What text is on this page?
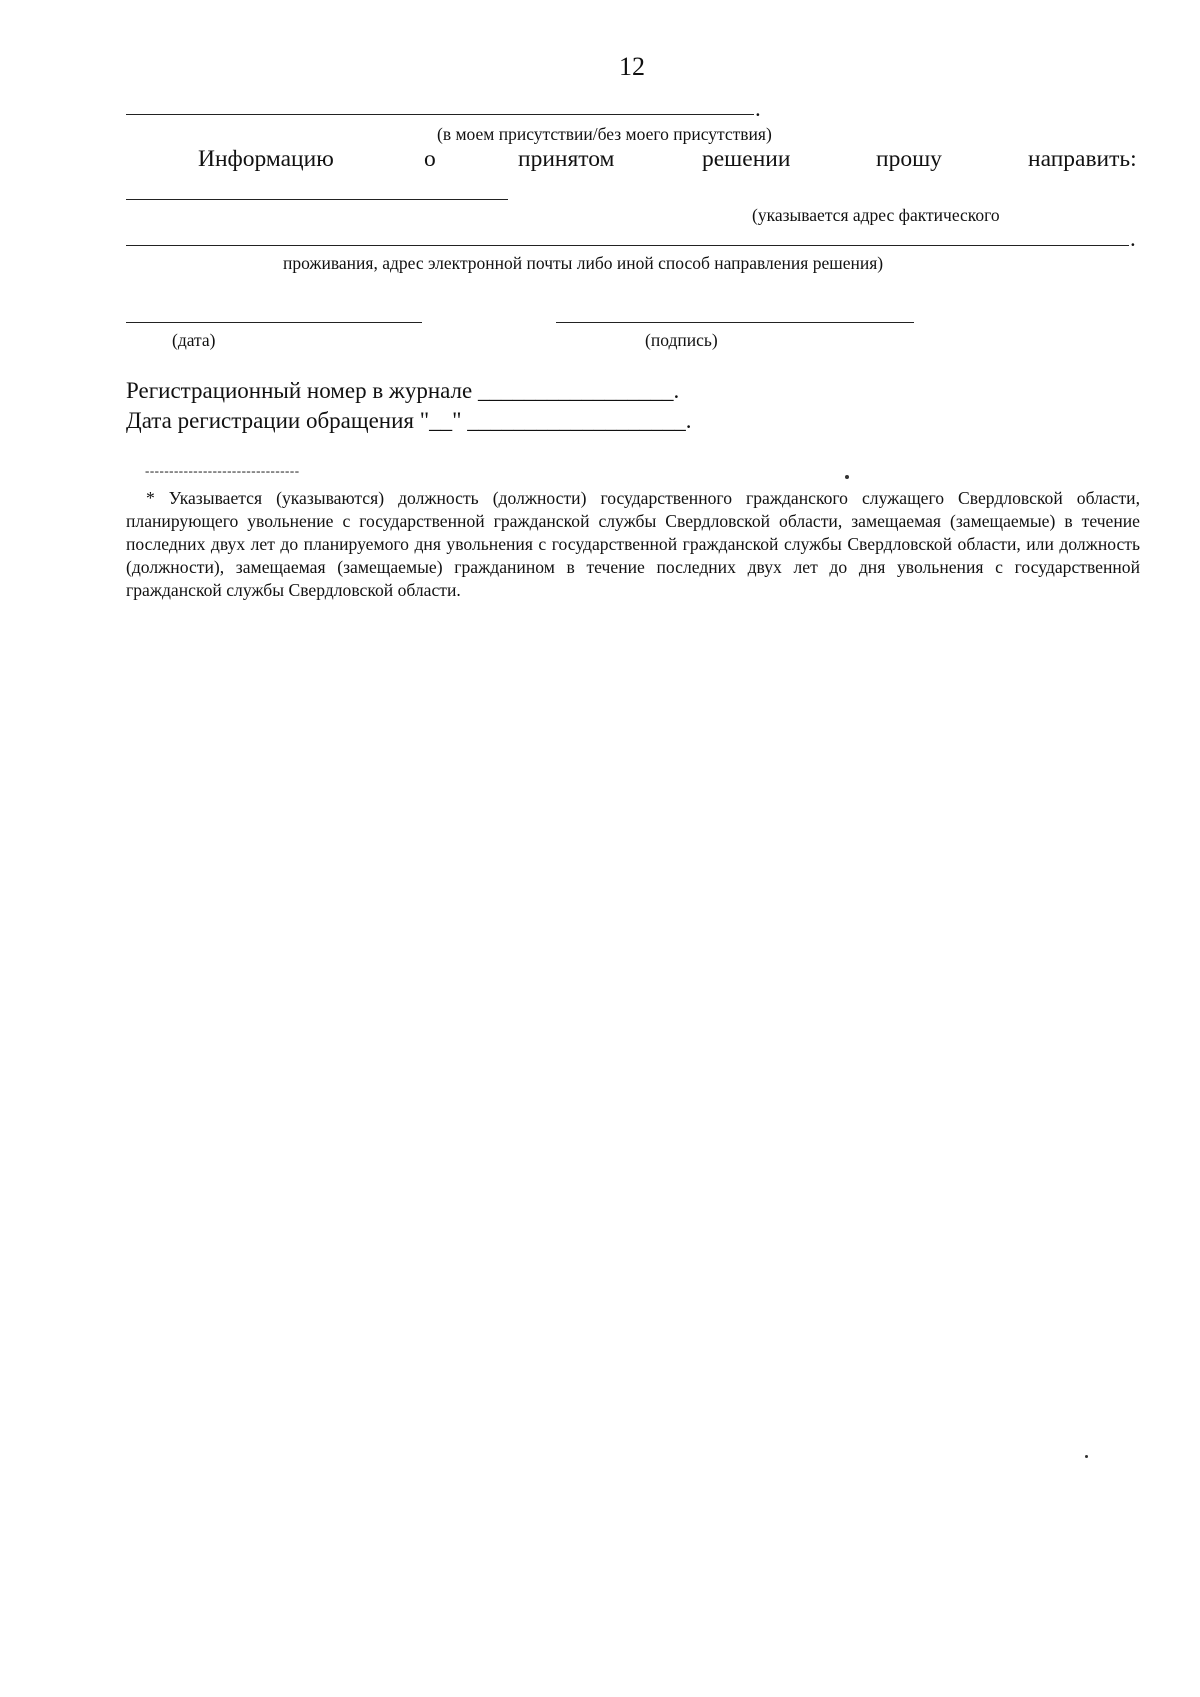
12
.
(в моем присутствии/без моего присутствия)
Информацию	о	принятом	решении	прошу	направить:
(указывается адрес фактического
.
проживания, адрес электронной почты либо иной способ направления решения)
(дата)	(подпись)
Регистрационный номер в журнале _________________.
Дата регистрации обращения "__" ___________________.
--------------------------------

* Указывается (указываются) должность (должности) государственного гражданского служащего Свердловской области, планирующего увольнение с государственной гражданской службы Свердловской области, замещаемая (замещаемые) в течение последних двух лет до планируемого дня увольнения с государственной гражданской службы Свердловской области, или должность (должности), замещаемая (замещаемые) гражданином в течение последних двух лет до дня увольнения с государственной гражданской службы Свердловской области.
